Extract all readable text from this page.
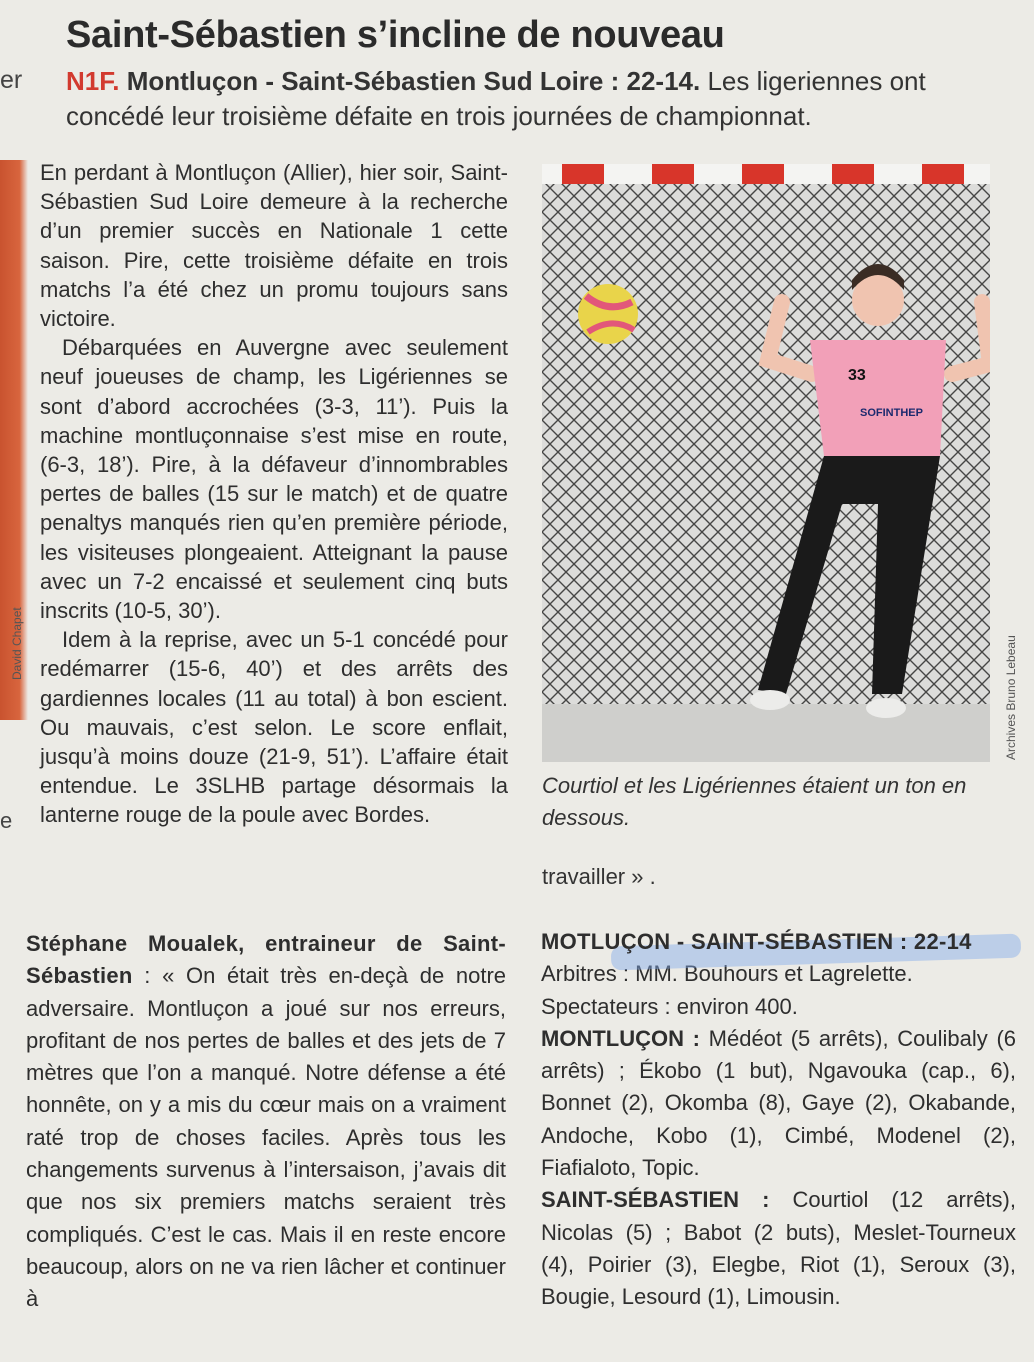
Saint-Sébastien s’incline de nouveau
er
e
N1F. Montluçon - Saint-Sébastien Sud Loire : 22-14. Les ligeriennes ont concédé leur troisième défaite en trois journées de championnat.
David Chapet

En perdant à Montluçon (Allier), hier soir, Saint-Sébastien Sud Loire demeure à la recherche d’un premier succès en Nationale 1 cette saison. Pire, cette troisième défaite en trois matchs l’a été chez un promu toujours sans victoire.

Débarquées en Auvergne avec seulement neuf joueuses de champ, les Ligériennes se sont d’abord accrochées (3-3, 11’). Puis la machine montluçonnaise s’est mise en route, (6-3, 18’). Pire, à la défaveur d’innombrables pertes de balles (15 sur le match) et de quatre penaltys manqués rien qu’en première période, les visiteuses plongeaient. Atteignant la pause avec un 7-2 encaissé et seulement cinq buts inscrits (10-5, 30’).

Idem à la reprise, avec un 5-1 concédé pour redémarrer (15-6, 40’) et des arrêts des gardiennes locales (11 au total) à bon escient. Ou mauvais, c’est selon. Le score enflait, jusqu’à moins douze (21-9, 51’). L’affaire était entendue. Le 3SLHB partage désormais la lanterne rouge de la poule avec Bordes.

Stéphane Moualek, entraineur de Saint-Sébastien : « On était très en-deçà de notre adversaire. Montluçon a joué sur nos erreurs, profitant de nos pertes de balles et des jets de 7 mètres que l’on a manqué. Notre défense a été honnête, on y a mis du cœur mais on a vraiment raté trop de choses faciles. Après tous les changements survenus à l’intersaison, j’avais dit que nos six premiers matchs seraient très compliqués. C’est le cas. Mais il en reste encore beaucoup, alors on ne va rien lâcher et continuer à
33
SOFINTHEP
Archives Bruno Lebeau
Courtiol et les Ligériennes étaient un ton en dessous.
travailler » .
MOTLUÇON - SAINT-SÉBASTIEN : 22-14

Arbitres : MM. Bouhours et Lagrelette.

Spectateurs : environ 400.

MONTLUÇON : Médéot (5 arrêts), Coulibaly (6 arrêts) ; Ékobo (1 but), Ngavouka (cap., 6), Bonnet (2), Okomba (8), Gaye (2), Okabande, Andoche, Kobo (1), Cimbé, Modenel (2), Fiafialoto, Topic.

SAINT-SÉBASTIEN : Courtiol (12 arrêts), Nicolas (5) ; Babot (2 buts), Meslet-Tourneux (4), Poirier (3), Elegbe, Riot (1), Seroux (3), Bougie, Lesourd (1), Limousin.
